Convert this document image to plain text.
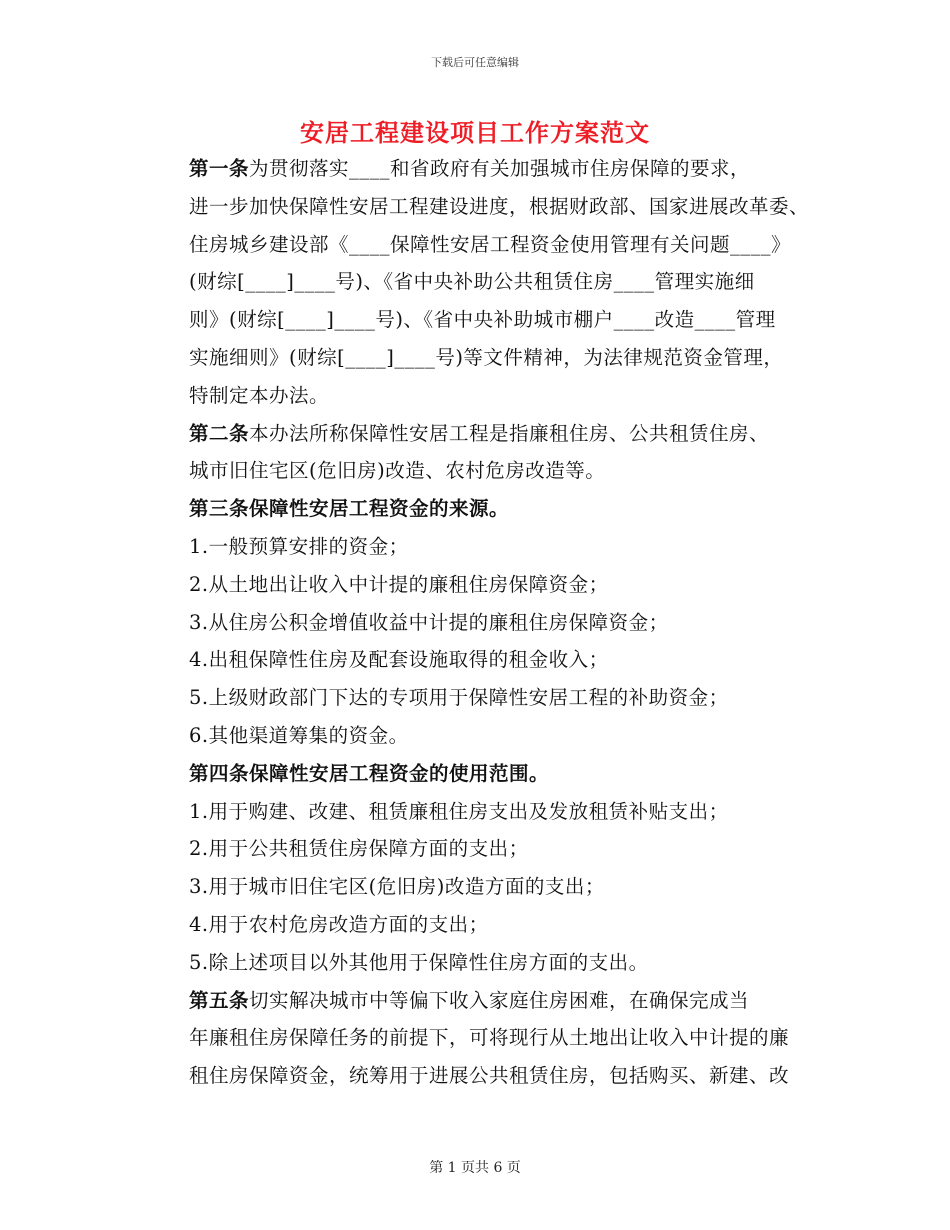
下载后可任意编辑
安居工程建设项目工作方案范文

第一条为贯彻落实____和省政府有关加强城市住房保障的要求，
进一步加快保障性安居工程建设进度，根据财政部、国家进展改革委、
住房城乡建设部《____保障性安居工程资金使用管理有关问题____》
(财综[____]____号)、《省中央补助公共租赁住房____管理实施细
则》(财综[____]____号)、《省中央补助城市棚户____改造____管理
实施细则》(财综[____]____号)等文件精神，为法律规范资金管理，
特制定本办法。

第二条本办法所称保障性安居工程是指廉租住房、公共租赁住房、
城市旧住宅区(危旧房)改造、农村危房改造等。

第三条保障性安居工程资金的来源。

1.一般预算安排的资金；

2.从土地出让收入中计提的廉租住房保障资金；

3.从住房公积金增值收益中计提的廉租住房保障资金；

4.出租保障性住房及配套设施取得的租金收入；

5.上级财政部门下达的专项用于保障性安居工程的补助资金；

6.其他渠道筹集的资金。

第四条保障性安居工程资金的使用范围。

1.用于购建、改建、租赁廉租住房支出及发放租赁补贴支出；

2.用于公共租赁住房保障方面的支出；

3.用于城市旧住宅区(危旧房)改造方面的支出；

4.用于农村危房改造方面的支出；

5.除上述项目以外其他用于保障性住房方面的支出。

第五条切实解决城市中等偏下收入家庭住房困难，在确保完成当
年廉租住房保障任务的前提下，可将现行从土地出让收入中计提的廉
租住房保障资金，统筹用于进展公共租赁住房，包括购买、新建、改

第 1 页共 6 页
